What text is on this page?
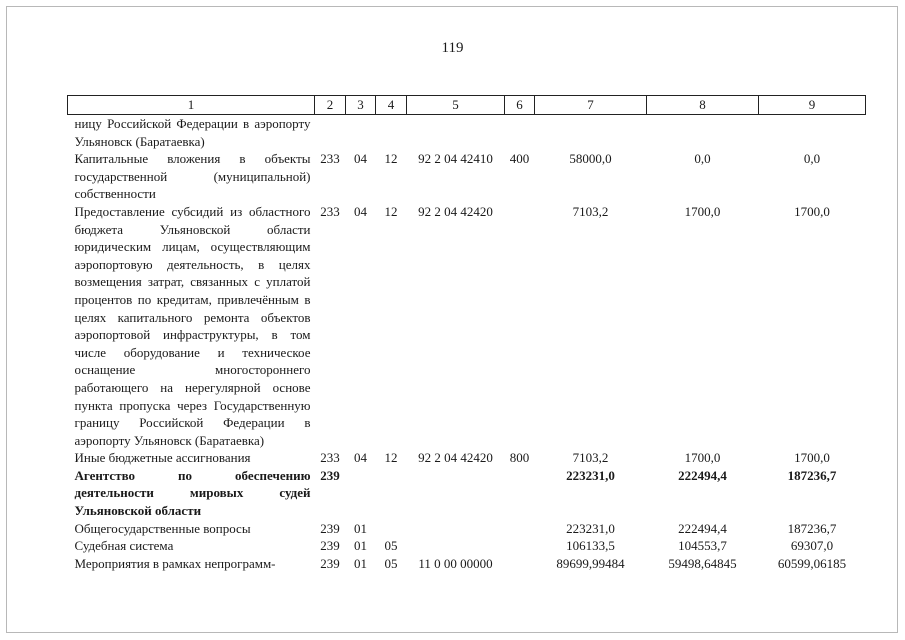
119
1	2	3	4	5	6	7	8	9
ницу Российской Федерации в аэропорту Ульяновск (Баратаевка)								
Капитальные вложения в объекты государственной (муниципальной) собственности	233	04	12	92 2 04 42410	400	58000,0	0,0	0,0
Предоставление субсидий из областного бюджета Ульяновской области юридическим лицам, осуществляющим аэропортовую деятельность, в целях возмещения затрат, связанных с уплатой процентов по кредитам, привлечённым в целях капитального ремонта объектов аэропортовой инфраструктуры, в том числе оборудование и техническое оснащение многостороннего работающего на нерегулярной основе пункта пропуска через Государственную границу Российской Федерации в аэропорту Ульяновск (Баратаевка)	233	04	12	92 2 04 42420		7103,2	1700,0	1700,0
Иные бюджетные ассигнования	233	04	12	92 2 04 42420	800	7103,2	1700,0	1700,0
Агентство по обеспечению деятельности мировых судей Ульяновской области	239					223231,0	222494,4	187236,7
Общегосударственные вопросы	239	01				223231,0	222494,4	187236,7
Судебная система	239	01	05			106133,5	104553,7	69307,0
Мероприятия в рамках непрограмм-	239	01	05	11 0 00 00000		89699,99484	59498,64845	60599,06185
